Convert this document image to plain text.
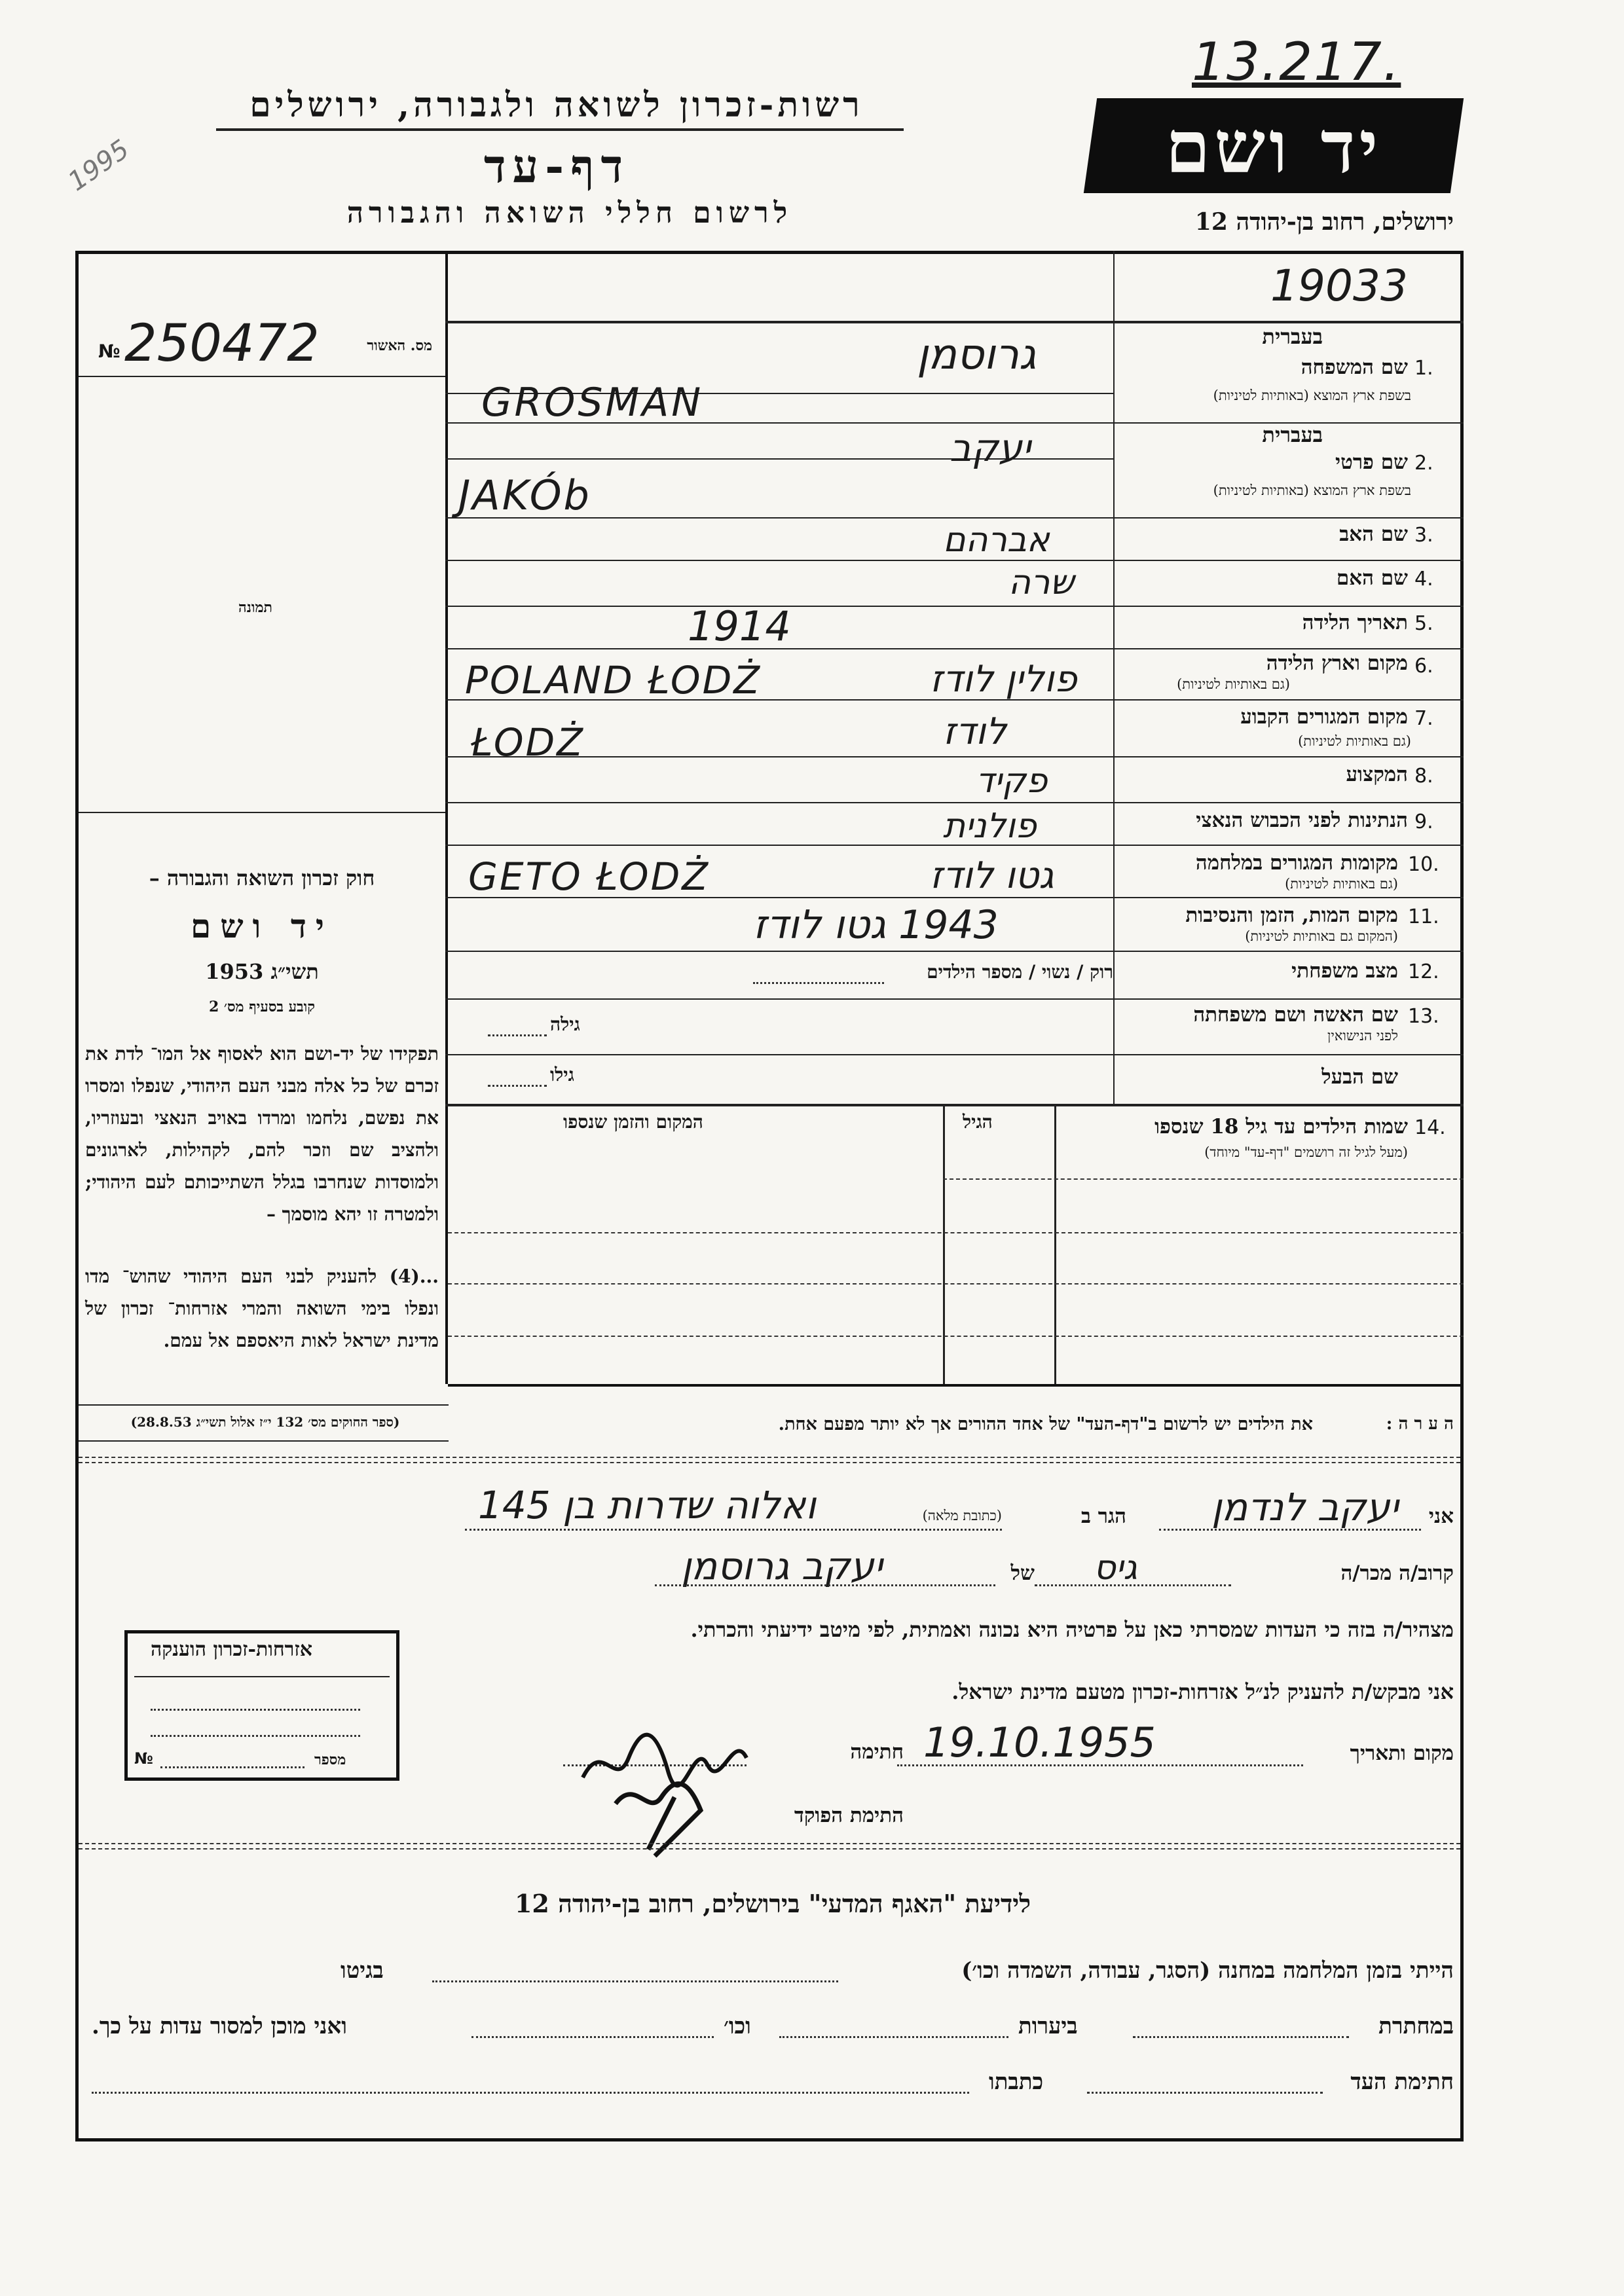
13.217.
1995
רשות-זכרון לשואה ולגבורה, ירושלים
דף-עד
לרשום חללי השואה והגבורה
יד ושם
ירושלים, רחוב בן-יהודה 12
19033
מס. האשור
№ 250472
תמונה
חוק זכרון השואה והגבורה –
יד ושם
תשי״ג 1953
קובע בסעיף מס׳ 2
תפקידו של יד-ושם הוא לאסוף אל המו־ לדת את זכרם של כל אלה מבני העם היהודי, שנפלו ומסרו את נפשם, נלחמו ומרדו באויב הנאצי ובעוזריו, ולהציב שם וזכר להם, לקהילות, לארגונים ולמוסדות שנחרבו בגלל השתייכותם לעם היהודי; ולמטרה זו יהא מוסמך –
...(4) להעניק לבני העם היהודי שהוש־ מדו ונפלו בימי השואה והמרי אזרחות־ זכרון של מדינת ישראל לאות היאספם אל עמם.
(ספר החוקים מס׳ 132 י״ז אלול תשי״ג 28.8.53)
בעברית
1.
שם המשפחה
בשפת ארץ המוצא (באותיות לטיניות)
גרוסמן
GROSMAN
בעברית
2.
שם פרטי
בשפת ארץ המוצא (באותיות לטיניות)
יעקב
JAKÓb
3.
שם האב
אברהם
4.
שם האם
שרה
5.
תאריך הלידה
1914
6.
מקום וארץ הלידה
(גם באותיות לטיניות)
פולין לודז
POLAND ŁODŻ
7.
מקום המגורים הקבוע
(גם באותיות לטיניות)
לודז
ŁODŻ
8.
המקצוע
פקיד
9.
הנתינות לפני הכבוש הנאצי
פולנית
10.
מקומות המגורים במלחמה
(גם באותיות לטיניות)
גטו לודז
GETO ŁODŻ
11.
מקום המות, הזמן והנסיבות
(המקום גם באותיות לטיניות)
1943 גטו לודז
12.
מצב משפחתי
רוק / נשוי / מספר הילדים
13.
שם האשה ושם משפחתה
לפני הנישואין
גילה
שם הבעל
גילו
14.
שמות הילדים עד גיל 18 שנספו
(מעל לגיל זה רושמים "דף-עד" מיוחד)
הגיל
המקום והזמן שנספו
ה ע ר ה :
את הילדים יש לרשום ב"דף-העד" של אחד ההורים אך לא יותר מפעם אחת.
אני
יעקב לנדמן
הגר ב
(כתובת מלאה)
ואלוה שדרות בן 145
קרוב/ה מכר/ה
גיס
של
יעקב גרוסמן
מצהיר/ה בזה כי העדות שמסרתי כאן על פרטיה היא נכונה ואמתית, לפי מיטב ידיעתי והכרתי.
אני מבקש/ת להעניק לנ״ל אזרחות-זכרון מטעם מדינת ישראל.
מקום ותאריך
19.10.1955
חתימה
התימת הפוקד
אזרחות-זכרון הוענקה
№	מספר
לידיעת "האגף המדעי" בירושלים, רחוב בן-יהודה 12
הייתי בזמן המלחמה במחנה (הסגר, עבודה, השמדה וכו׳)
בגיטו
במחתרת
ביערות
וכו׳
ואני מוכן למסור עדות על כך.
חתימת העד
כתבתו
